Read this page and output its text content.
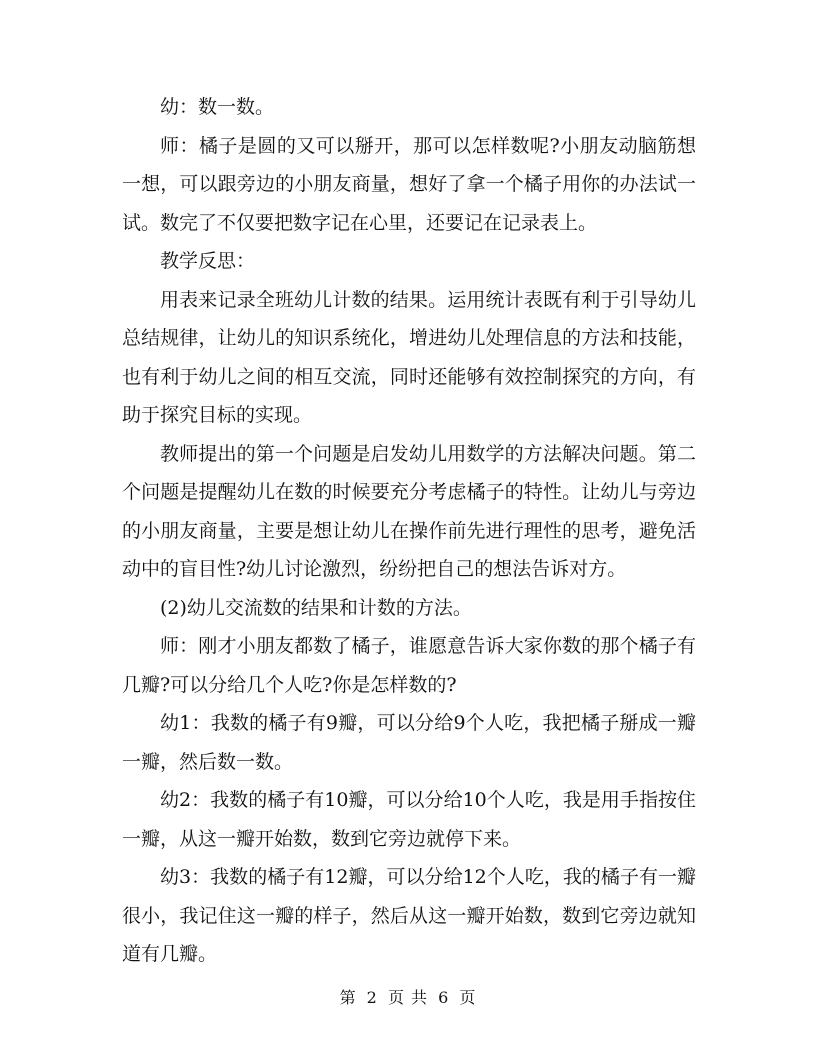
幼：数一数。

师：橘子是圆的又可以掰开，那可以怎样数呢?小朋友动脑筋想一想，可以跟旁边的小朋友商量，想好了拿一个橘子用你的办法试一试。数完了不仅要把数字记在心里，还要记在记录表上。

教学反思：

用表来记录全班幼儿计数的结果。运用统计表既有利于引导幼儿总结规律，让幼儿的知识系统化，增进幼儿处理信息的方法和技能，也有利于幼儿之间的相互交流，同时还能够有效控制探究的方向，有助于探究目标的实现。

教师提出的第一个问题是启发幼儿用数学的方法解决问题。第二个问题是提醒幼儿在数的时候要充分考虑橘子的特性。让幼儿与旁边的小朋友商量，主要是想让幼儿在操作前先进行理性的思考，避免活动中的盲目性?幼儿讨论激烈，纷纷把自己的想法告诉对方。

(2)幼儿交流数的结果和计数的方法。

师：刚才小朋友都数了橘子，谁愿意告诉大家你数的那个橘子有几瓣?可以分给几个人吃?你是怎样数的?

幼1：我数的橘子有9瓣，可以分给9个人吃，我把橘子掰成一瓣一瓣，然后数一数。

幼2：我数的橘子有10瓣，可以分给10个人吃，我是用手指按住一瓣，从这一瓣开始数，数到它旁边就停下来。

幼3：我数的橘子有12瓣，可以分给12个人吃，我的橘子有一瓣很小，我记住这一瓣的样子，然后从这一瓣开始数，数到它旁边就知道有几瓣。

第 2 页 共 6 页
